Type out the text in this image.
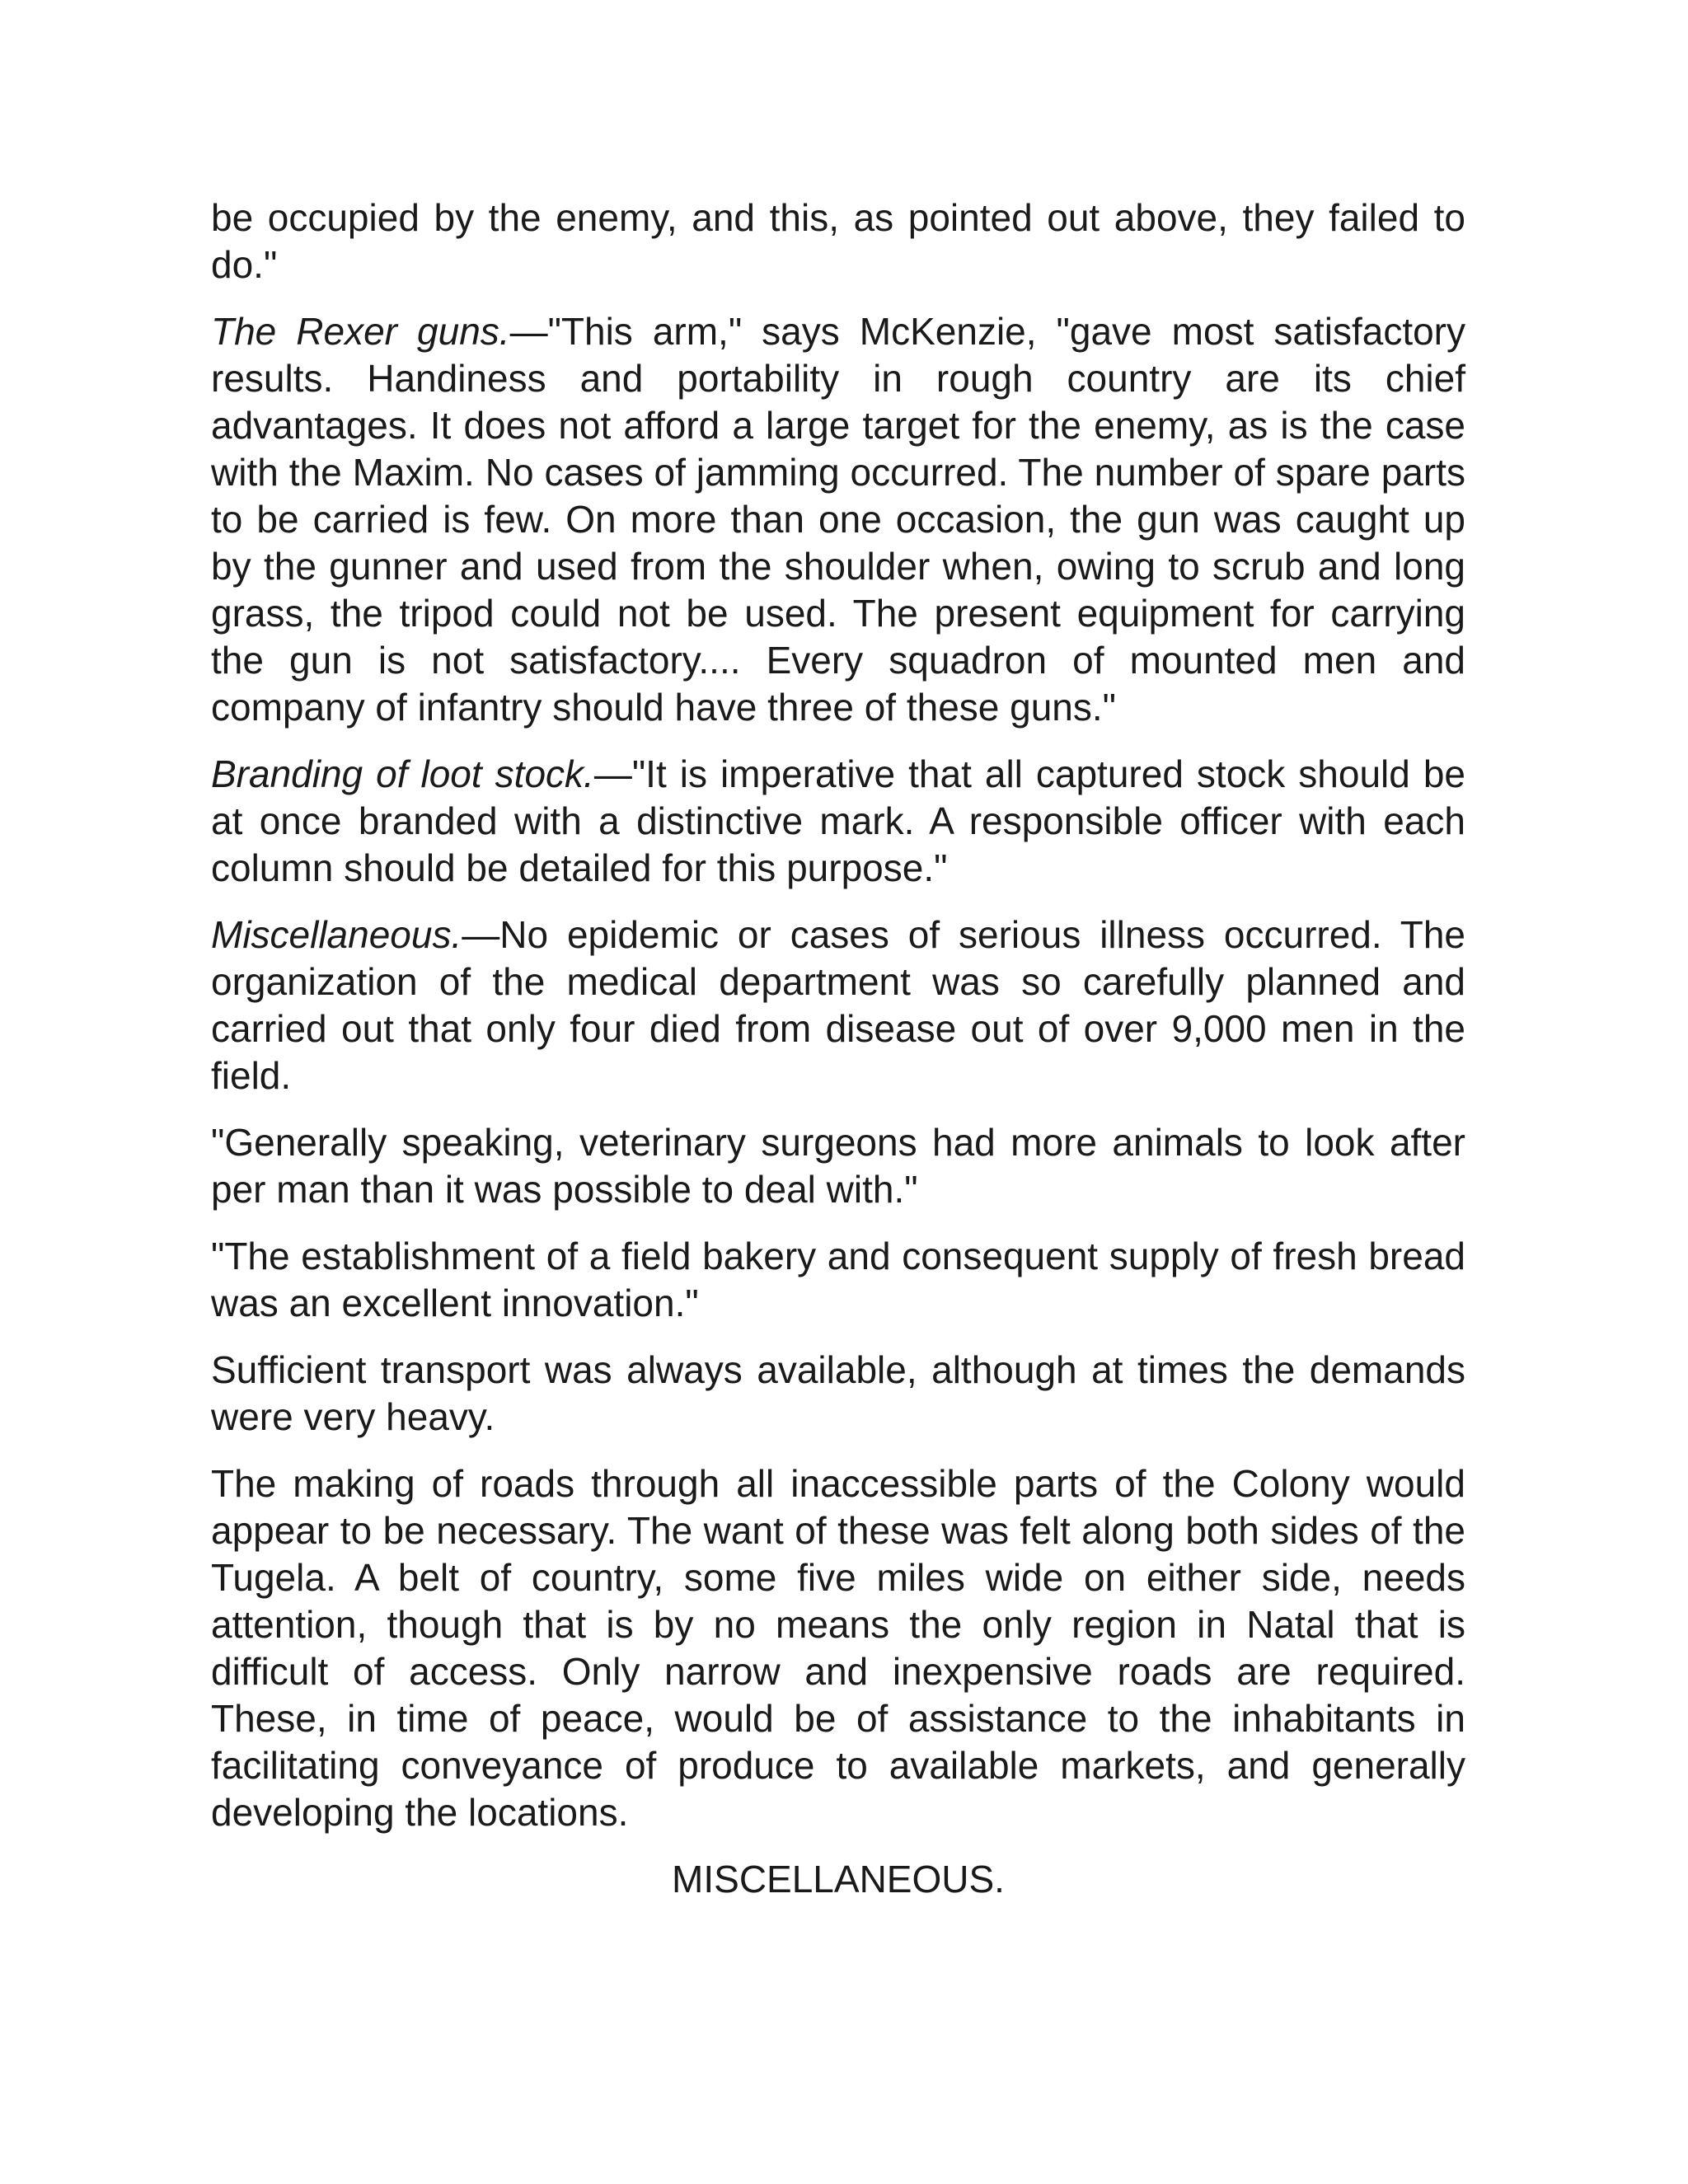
be occupied by the enemy, and this, as pointed out above, they failed to do."

The Rexer guns.—"This arm," says McKenzie, "gave most satisfactory results. Handiness and portability in rough country are its chief advantages. It does not afford a large target for the enemy, as is the case with the Maxim. No cases of jamming occurred. The number of spare parts to be carried is few. On more than one occasion, the gun was caught up by the gunner and used from the shoulder when, owing to scrub and long grass, the tripod could not be used. The present equipment for carrying the gun is not satisfactory.... Every squadron of mounted men and company of infantry should have three of these guns."

Branding of loot stock.—"It is imperative that all captured stock should be at once branded with a distinctive mark. A responsible officer with each column should be detailed for this purpose."

Miscellaneous.—No epidemic or cases of serious illness occurred. The organization of the medical department was so carefully planned and carried out that only four died from disease out of over 9,000 men in the field.

"Generally speaking, veterinary surgeons had more animals to look after per man than it was possible to deal with."

"The establishment of a field bakery and consequent supply of fresh bread was an excellent innovation."

Sufficient transport was always available, although at times the demands were very heavy.

The making of roads through all inaccessible parts of the Colony would appear to be necessary. The want of these was felt along both sides of the Tugela. A belt of country, some five miles wide on either side, needs attention, though that is by no means the only region in Natal that is difficult of access. Only narrow and inexpensive roads are required. These, in time of peace, would be of assistance to the inhabitants in facilitating conveyance of produce to available markets, and generally developing the locations.

MISCELLANEOUS.
